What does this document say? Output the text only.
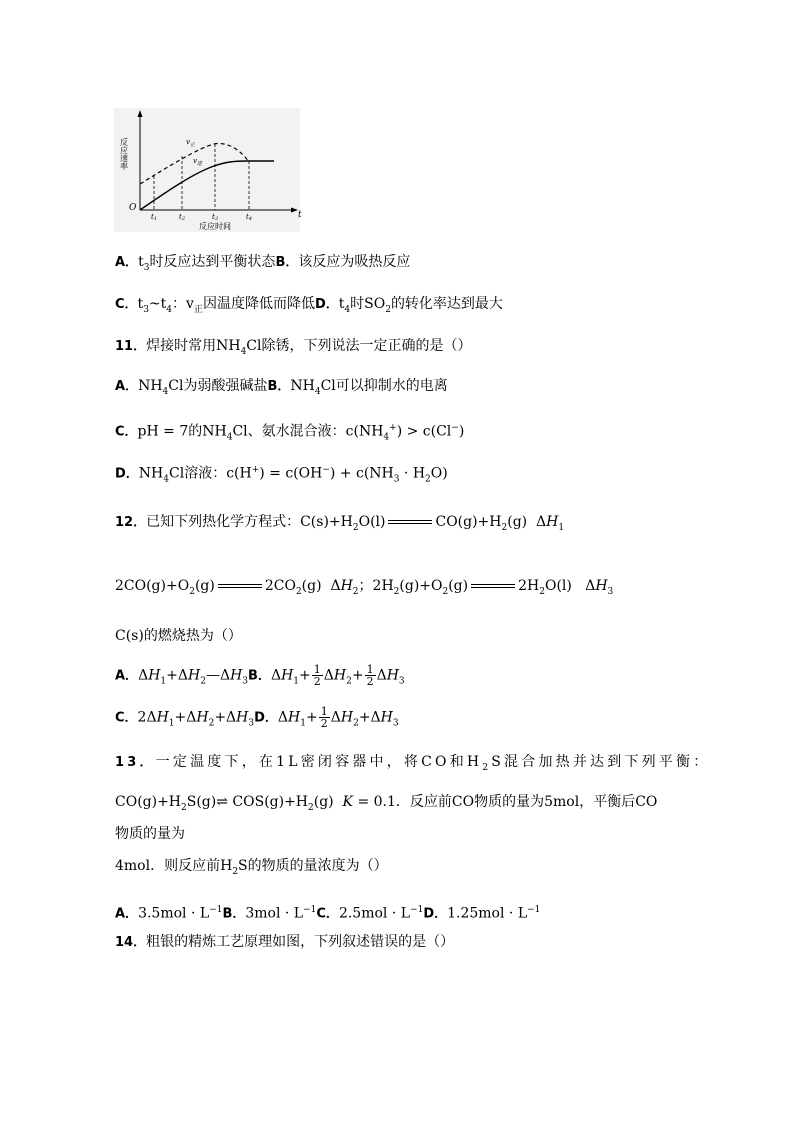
反应速率
O
t
$v_正$
$v_逆$
t1	t2	t3	t4
反应时间
A．$t_3$时反应达到平衡状态B．该反应为吸热反应
C．$t_3\sim t_4$：$v_正$因温度降低而降低D．$t_4$时$SO_2$的转化率达到最大
11．焊接时常用$NH_4Cl$除锈，下列说法一定正确的是（）
A．$NH_4Cl$为弱酸强碱盐B．$NH_4Cl$可以抑制水的电离
C．pH = 7的$NH_4Cl$、氨水混合液：$c(NH_4^+) > c(Cl^-)$
D．$NH_4Cl$溶液：$c(H^+) = c(OH^-) + c(NH_3 \cdot H_2O)$
12．已知下列热化学方程式：$C(s)+H_2O(l)$	$CO(g)+H_2(g)$  $\Delta H_1$
$2CO(g)+O_2(g)$	$2CO_2(g)$  $\Delta H_2$；$2H_2(g)+O_2(g)$	$2H_2O(l)$   $\Delta H_3$
C(s)的燃烧热为（）
A．$\Delta H_1+\Delta H_2—\Delta H_3B$．$\Delta H_1+ \frac{1}{2} \Delta H_2+ \frac{1}{2} \Delta H_3$
C．$2\Delta H_1+\Delta H_2+\Delta H_3D$．$\Delta H_1+ \frac{1}{2} \Delta H_2+\Delta H_3$
13．一定温度下，在1L密闭容器中，将CO和$H_2S$混合加热并达到下列平衡：
$CO(g)+H_2S(g)\rightleftharpoons$ $COS(g)+H_2(g) K = 0.1$．反应前CO物质的量为5mol，平衡后CO
物质的量为
4mol．则反应前$H_2S$的物质的量浓度为（）
A．$3.5mol \cdot L^{-1}B$．$3mol \cdot L^{-1}C$．$2.5mol \cdot L^{-1}D$．$1.25mol \cdot L^{-1}$
14．粗银的精炼工艺原理如图，下列叙述错误的是（）
